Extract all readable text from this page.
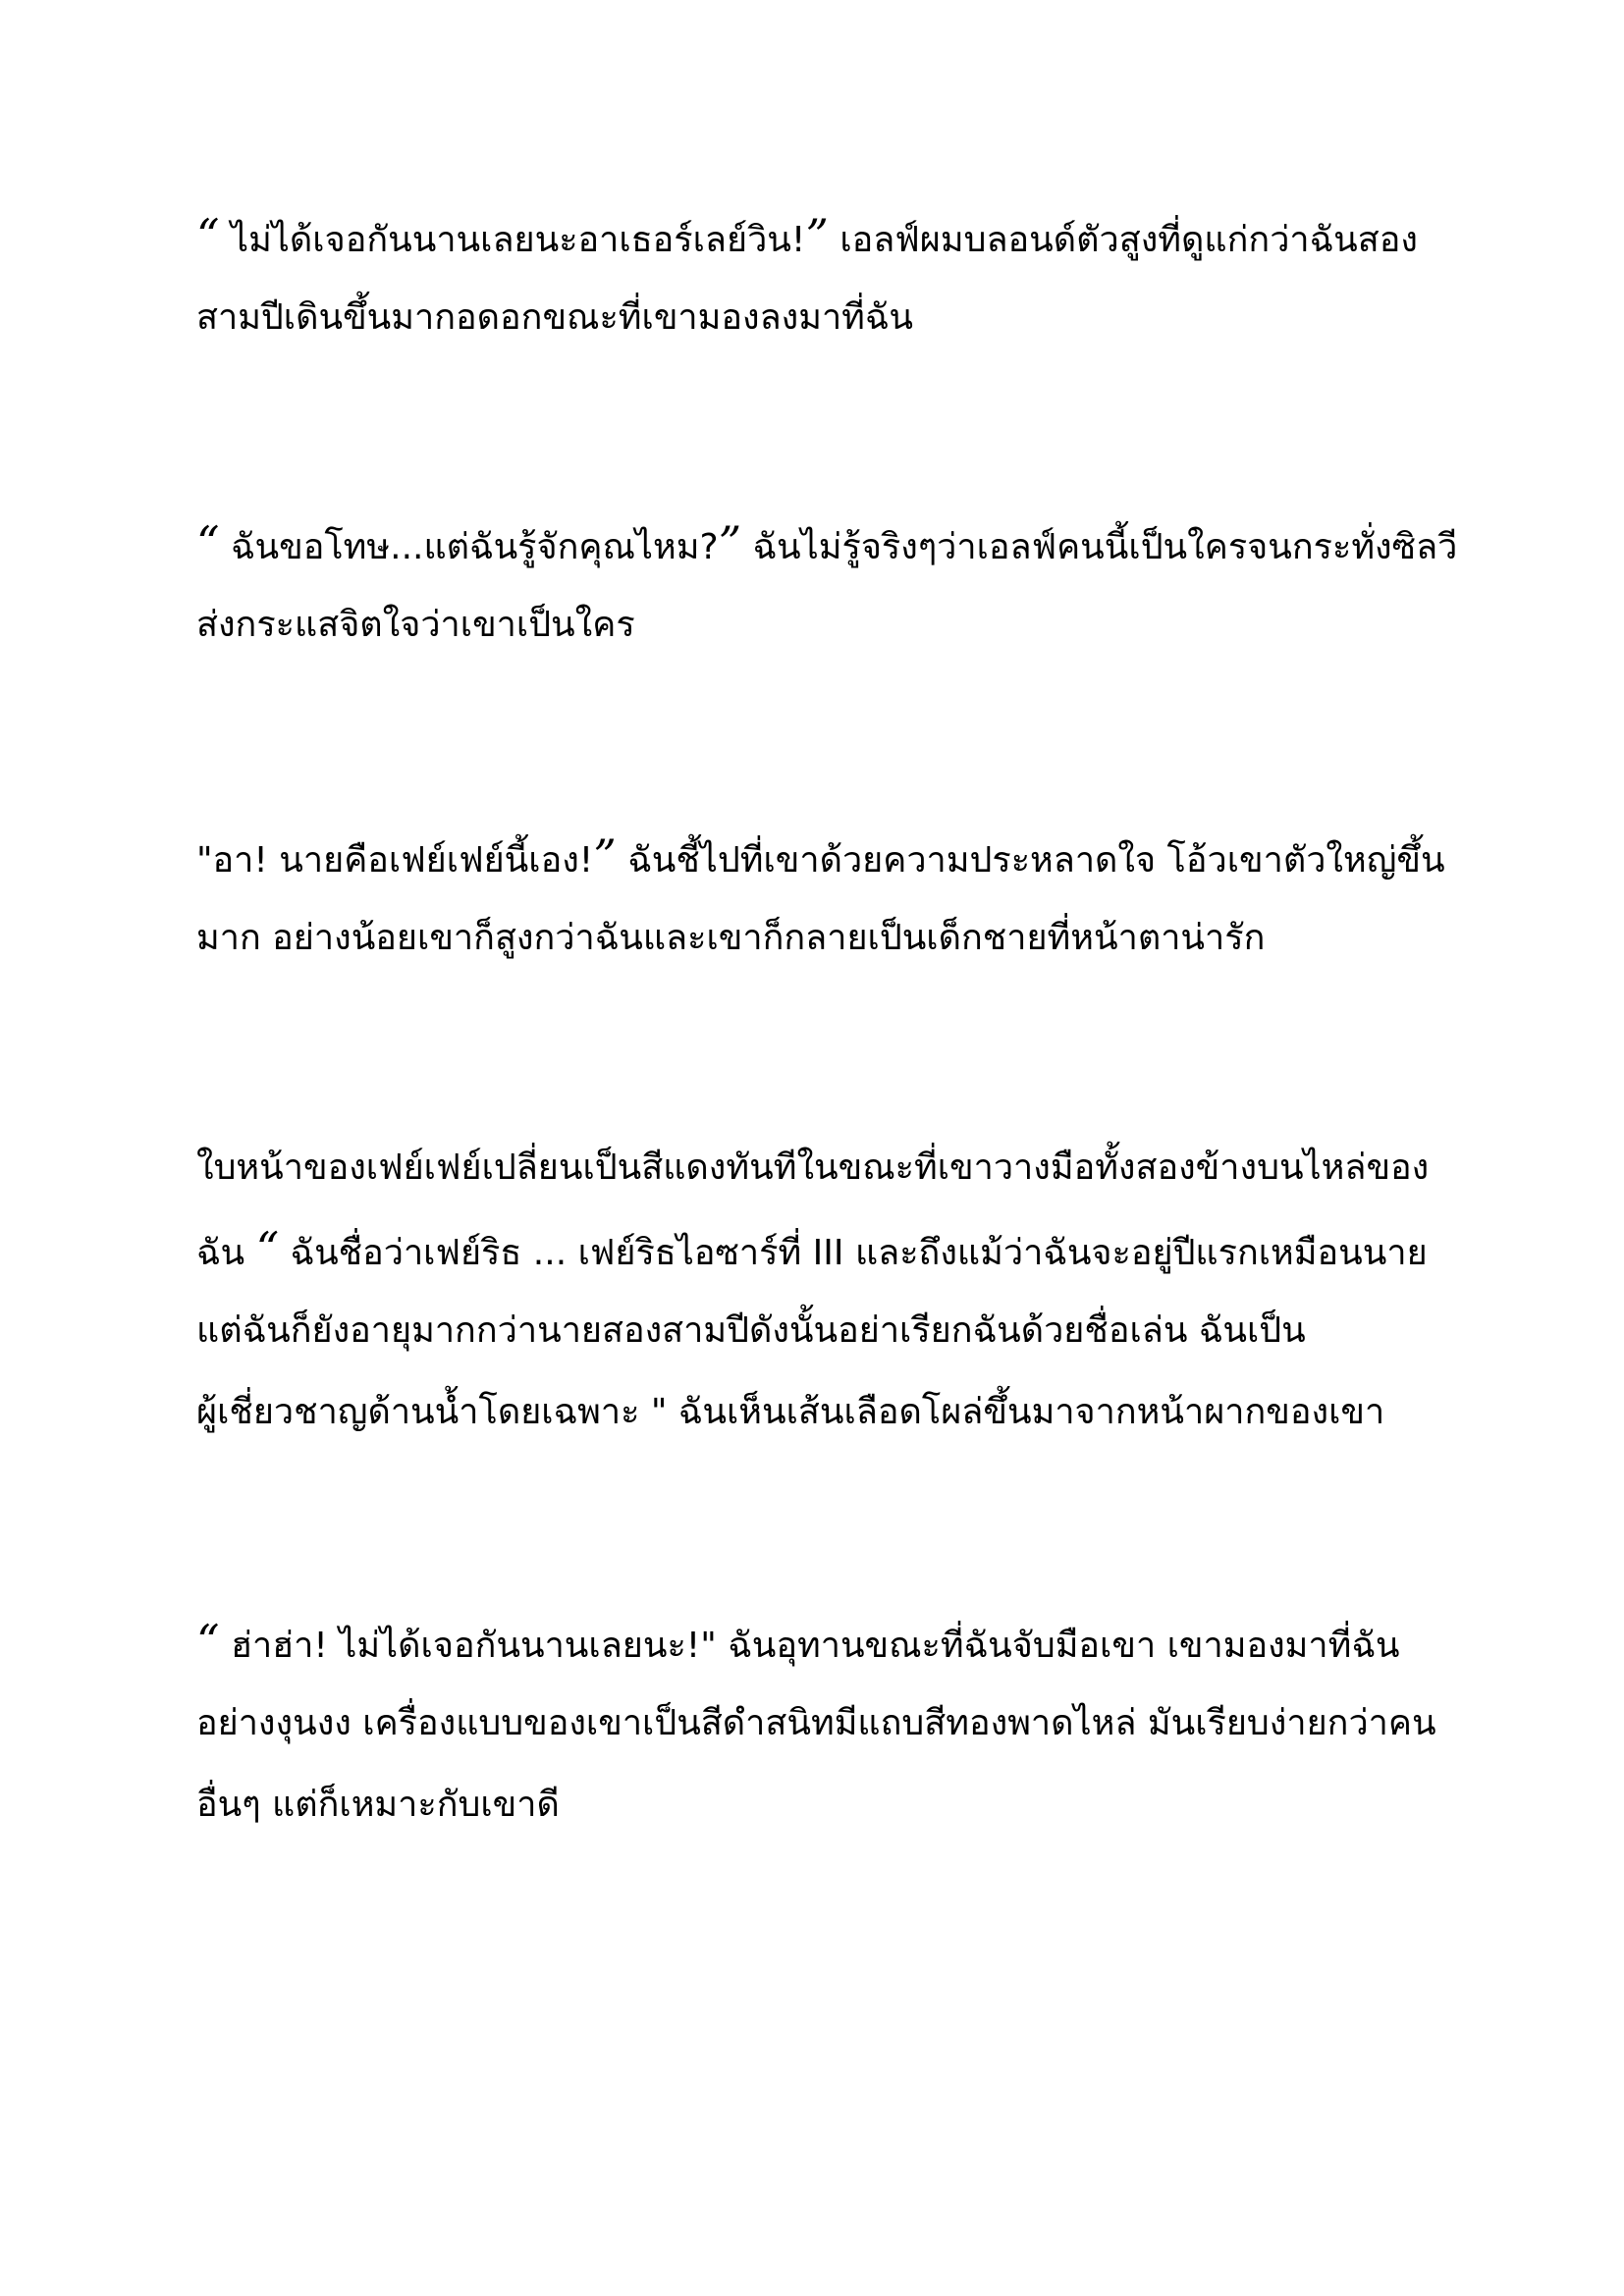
“ ไม่ได้เจอกันนานเลยนะอาเธอร์เลย์วิน!” เอลฟ์ผมบลอนด์ตัวสูงที่ดูแก่กว่าฉันสอง
สามปีเดินขึ้นมากอดอกขณะที่เขามองลงมาที่ฉัน

“ ฉันขอโทษ...แต่ฉันรู้จักคุณไหม?” ฉันไม่รู้จริงๆว่าเอลฟ์คนนี้เป็นใครจนกระทั่งซิลวี
ส่งกระแสจิตใจว่าเขาเป็นใคร

"อา! นายคือเฟย์เฟย์นี้เอง!” ฉันชี้ไปที่เขาด้วยความประหลาดใจ โอ้วเขาตัวใหญ่ขึ้น
มาก อย่างน้อยเขาก็สูงกว่าฉันและเขาก็กลายเป็นเด็กชายที่หน้าตาน่ารัก

ใบหน้าของเฟย์เฟย์เปลี่ยนเป็นสีแดงทันทีในขณะที่เขาวางมือทั้งสองข้างบนไหล่ของ
ฉัน “ ฉันชื่อว่าเฟย์ริธ ... เฟย์ริธไอซาร์ที่ III และถึงแม้ว่าฉันจะอยู่ปีแรกเหมือนนาย
แต่ฉันก็ยังอายุมากกว่านายสองสามปีดังนั้นอย่าเรียกฉันด้วยชื่อเล่น ฉันเป็น
ผู้เชี่ยวชาญด้านน้ำโดยเฉพาะ " ฉันเห็นเส้นเลือดโผล่ขึ้นมาจากหน้าผากของเขา

“ ฮ่าฮ่า! ไม่ได้เจอกันนานเลยนะ!" ฉันอุทานขณะที่ฉันจับมือเขา เขามองมาที่ฉัน
อย่างงุนงง เครื่องแบบของเขาเป็นสีดำสนิทมีแถบสีทองพาดไหล่ มันเรียบง่ายกว่าคน
อื่นๆ แต่ก็เหมาะกับเขาดี
